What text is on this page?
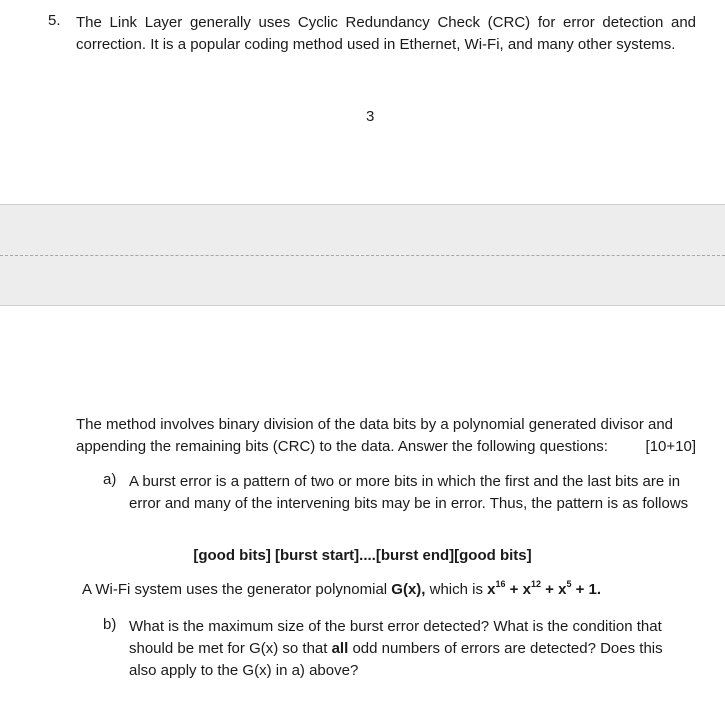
5. The Link Layer generally uses Cyclic Redundancy Check (CRC) for error detection and correction. It is a popular coding method used in Ethernet, Wi-Fi, and many other systems.
3
The method involves binary division of the data bits by a polynomial generated divisor and appending the remaining bits (CRC) to the data. Answer the following questions:	[10+10]
a) A burst error is a pattern of two or more bits in which the first and the last bits are in error and many of the intervening bits may be in error. Thus, the pattern is as follows
[good bits] [burst start]....[burst end][good bits]
A Wi-Fi system uses the generator polynomial G(x), which is $x^{16} + x^{12} + x^5 + 1$.
b) What is the maximum size of the burst error detected? What is the condition that should be met for G(x) so that all odd numbers of errors are detected? Does this also apply to the G(x) in a) above?
